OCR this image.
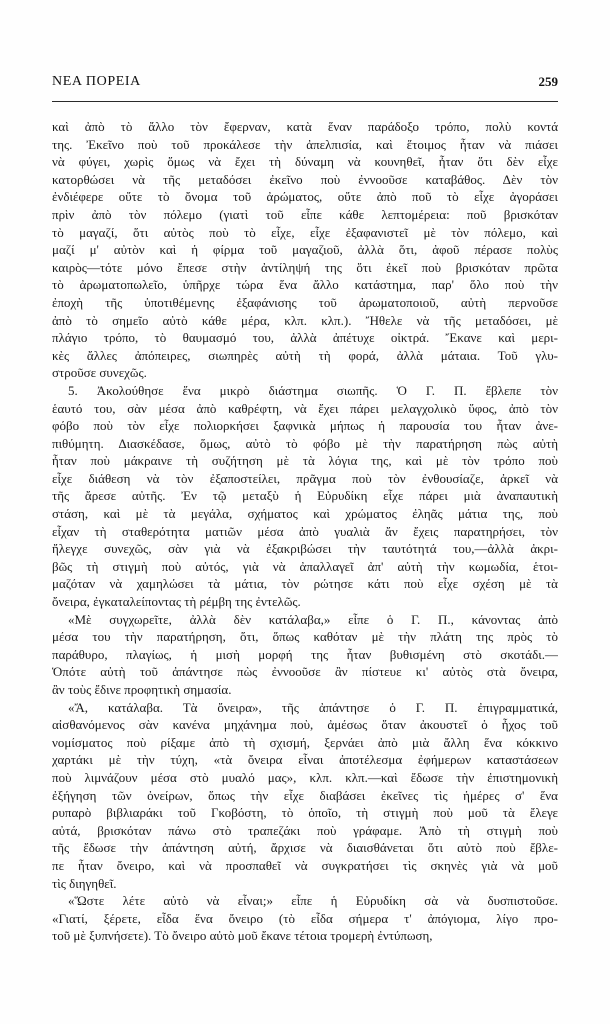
ΝΕΑ ΠΟΡΕΙΑ	259
καὶ ἀπὸ τὸ ἄλλο τὸν ἔφερναν, κατὰ ἕναν παράδοξο τρόπο, πολὺ κοντά
της. Ἐκεῖνο ποὺ τοῦ προκάλεσε τὴν ἀπελπισία, καὶ ἕτοιμος ἦταν νὰ πιάσει
νὰ φύγει, χωρὶς ὅμως νὰ ἔχει τὴ δύναμη νὰ κουνηθεῖ, ἦταν ὅτι δὲν εἶχε
κατορθώσει νὰ τῆς μεταδόσει ἐκεῖνο ποὺ ἐννοοῦσε καταβάθος. Δὲν τὸν
ἐνδιέφερε οὔτε τὸ ὄνομα τοῦ ἀρώματος, οὔτε ἀπὸ ποῦ τὸ εἶχε ἀγοράσει
πρὶν ἀπὸ τὸν πόλεμο (γιατὶ τοῦ εἶπε κάθε λεπτομέρεια: ποῦ βρισκόταν
τὸ μαγαζί, ὅτι αὐτὸς ποὺ τὸ εἶχε, εἶχε ἐξαφανιστεῖ μὲ τὸν πόλεμο, καὶ
μαζί μ' αὐτὸν καὶ ἡ φίρμα τοῦ μαγαζιοῦ, ἀλλὰ ὅτι, ἀφοῦ πέρασε πολὺς
καιρὸς—τότε μόνο ἔπεσε στὴν ἀντίληψή της ὅτι ἐκεῖ ποὺ βρισκόταν πρῶτα
τὸ ἀρωματοπωλεῖο, ὑπῆρχε τώρα ἕνα ἄλλο κατάστημα, παρ' ὅλο ποὺ τὴν
ἐποχὴ τῆς ὑποτιθέμενης ἐξαφάνισης τοῦ ἀρωματοποιοῦ, αὐτὴ περνοῦσε
ἀπὸ τὸ σημεῖο αὐτὸ κάθε μέρα, κλπ. κλπ.). Ἤθελε νὰ τῆς μεταδόσει, μὲ
πλάγιο τρόπο, τὸ θαυμασμό του, ἀλλὰ ἀπέτυχε οἰκτρά. Ἔκανε καὶ μερι-
κὲς ἄλλες ἀπόπειρες, σιωπηρὲς αὐτὴ τὴ φορά, ἀλλὰ μάταια. Τοῦ γλυ-
στροῦσε συνεχῶς.
5. Ἀκολούθησε ἕνα μικρὸ διάστημα σιωπῆς. Ὁ Γ. Π. ἔβλεπε τὸν
ἑαυτό του, σὰν μέσα ἀπὸ καθρέφτη, νὰ ἔχει πάρει μελαγχολικὸ ὕφος, ἀπὸ τὸν
φόβο ποὺ τὸν εἶχε πολιορκήσει ξαφνικὰ μήπως ἡ παρουσία του ἦταν ἀνε-
πιθύμητη. Διασκέδασε, ὅμως, αὐτὸ τὸ φόβο μὲ τὴν παρατήρηση πὼς αὐτὴ
ἦταν ποὺ μάκραινε τὴ συζήτηση μὲ τὰ λόγια της, καὶ μὲ τὸν τρόπο ποὺ
εἶχε διάθεση νὰ τὸν ἐξαποστείλει, πρᾶγμα ποὺ τὸν ἐνθουσίαζε, ἀρκεῖ νὰ
τῆς ἄρεσε αὐτῆς. Ἐν τῷ μεταξὺ ἡ Εὐρυδίκη εἶχε πάρει μιὰ ἀναπαυτικὴ
στάση, καὶ μὲ τὰ μεγάλα, σχήματος καὶ χρώματος ἐληᾶς μάτια της, ποὺ
εἶχαν τὴ σταθερότητα ματιῶν μέσα ἀπὸ γυαλιὰ ἄν ἔχεις παρατηρήσει, τὸν
ἤλεγχε συνεχῶς, σὰν γιὰ νὰ ἐξακριβώσει τὴν ταυτότητά του,—ἀλλὰ ἀκρι-
βῶς τὴ στιγμὴ ποὺ αὐτός, γιὰ νὰ ἀπαλλαγεῖ ἀπ' αὐτὴ τὴν κωμωδία, ἑτοι-
μαζόταν νὰ χαμηλώσει τὰ μάτια, τὸν ρώτησε κάτι ποὺ εἶχε σχέση μὲ τὰ
ὄνειρα, ἐγκαταλείποντας τὴ ρέμβη της ἐντελῶς.
«Μὲ συγχωρεῖτε, ἀλλὰ δὲν κατάλαβα,» εἶπε ὁ Γ. Π., κάνοντας ἀπὸ
μέσα του τὴν παρατήρηση, ὅτι, ὅπως καθόταν μὲ τὴν πλάτη της πρὸς τὸ
παράθυρο, πλαγίως, ἡ μισὴ μορφή της ἦταν βυθισμένη στὸ σκοτάδι.—
Ὁπότε αὐτὴ τοῦ ἀπάντησε πὼς ἐννοοῦσε ἂν πίστευε κι' αὐτὸς στὰ ὄνειρα,
ἂν τοὺς ἔδινε προφητικὴ σημασία.
«Ἄ, κατάλαβα. Τὰ ὄνειρα», τῆς ἀπάντησε ὁ Γ. Π. ἐπιγραμματικά,
αἰσθανόμενος σὰν κανένα μηχάνημα ποὺ, ἀμέσως ὅταν ἀκουστεῖ ὁ ἦχος τοῦ
νομίσματος ποὺ ρίξαμε ἀπὸ τὴ σχισμή, ξερνάει ἀπὸ μιὰ ἄλλη ἕνα κόκκινο
χαρτάκι μὲ τὴν τύχη, «τὰ ὄνειρα εἶναι ἀποτέλεσμα ἐφήμερων καταστάσεων
ποὺ λιμνάζουν μέσα στὸ μυαλό μας», κλπ. κλπ.—καὶ ἔδωσε τὴν ἐπιστημονικὴ
ἐξήγηση τῶν ὀνείρων, ὅπως τὴν εἶχε διαβάσει ἐκεῖνες τὶς ἡμέρες σ' ἕνα
ρυπαρὸ βιβλιαράκι τοῦ Γκοβόστη, τὸ ὁποῖο, τὴ στιγμὴ ποὺ μοῦ τὰ ἔλεγε
αὐτά, βρισκόταν πάνω στὸ τραπεζάκι ποὺ γράφαμε. Ἀπὸ τὴ στιγμὴ ποὺ
τῆς ἔδωσε τὴν ἀπάντηση αὐτή, ἄρχισε νὰ διαισθάνεται ὅτι αὐτὸ ποὺ ἔβλε-
πε ἦταν ὄνειρο, καὶ νὰ προσπαθεῖ νὰ συγκρατήσει τὶς σκηνὲς γιὰ νὰ μοῦ
τὶς διηγηθεῖ.
«Ὥστε λέτε αὐτὸ νὰ εἶναι;» εἶπε ἡ Εὐρυδίκη σὰ νὰ δυσπιστοῦσε.
«Γιατί, ξέρετε, εἶδα ἕνα ὄνειρο (τὸ εἶδα σήμερα τ' ἀπόγιομα, λίγο προ-
τοῦ μὲ ξυπνήσετε). Τὸ ὄνειρο αὐτὸ μοῦ ἔκανε τέτοια τρομερὴ ἐντύπωση,
